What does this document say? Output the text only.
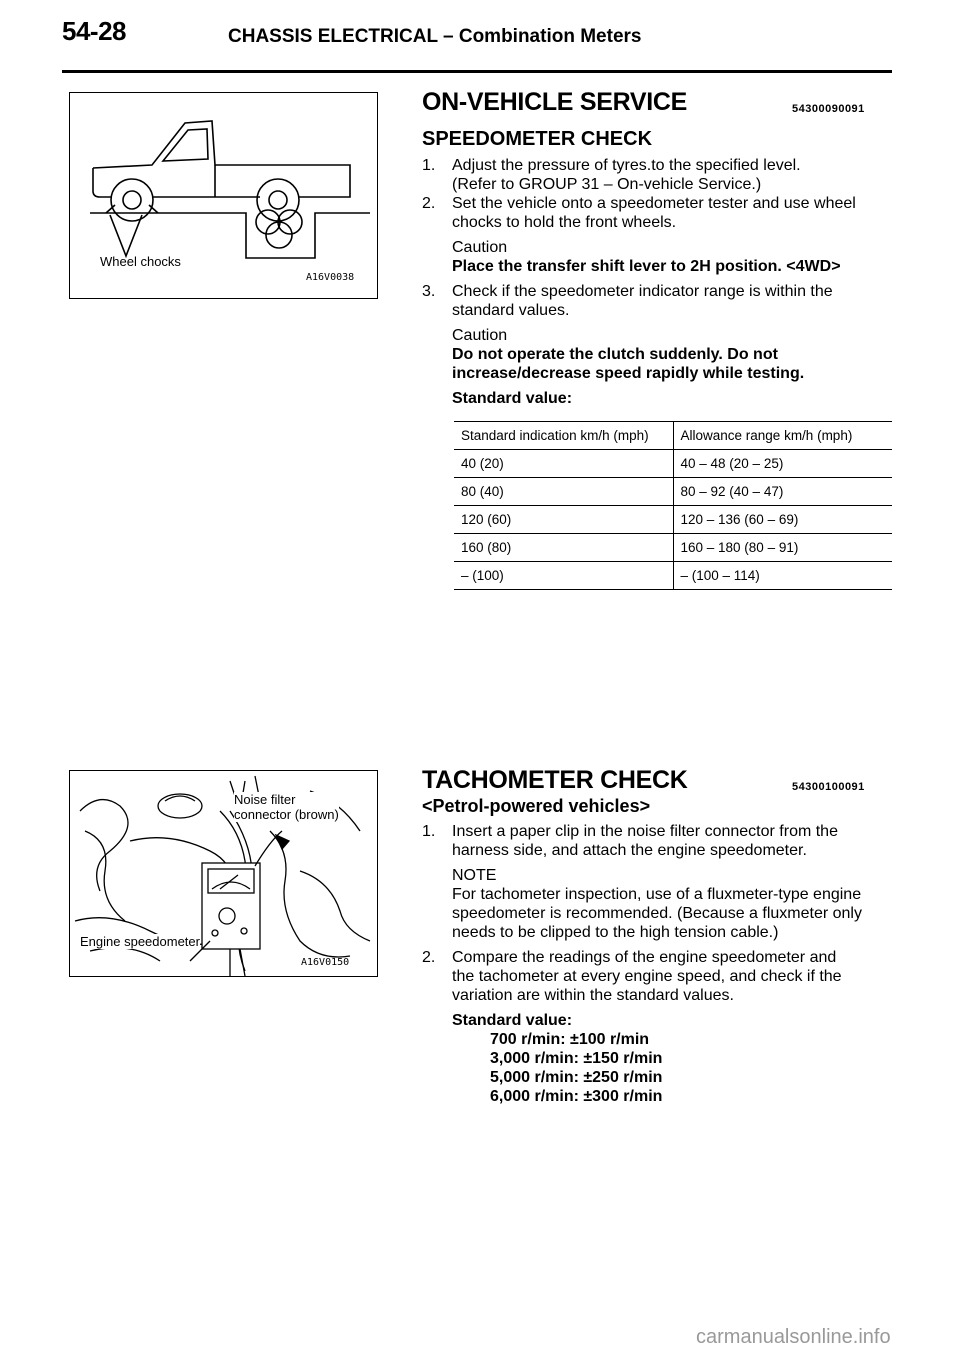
54-28	CHASSIS ELECTRICAL – Combination Meters
Wheel chocks
A16V0038
Noise filter
connector (brown)
Engine speedometer
A16V0150
ON-VEHICLE SERVICE	54300090091
SPEEDOMETER CHECK
1.	Adjust the pressure of tyres.to the specified level.
(Refer to GROUP 31 – On-vehicle Service.)
2.	Set the vehicle onto a speedometer tester and use wheel
chocks to hold the front wheels.
Caution
Place the transfer shift lever to 2H position. <4WD>
3.	Check if the speedometer indicator range is within the
standard values.
Caution
Do not operate the clutch suddenly. Do not
increase/decrease speed rapidly while testing.
Standard value:
Standard indication km/h (mph)	Allowance range km/h (mph)
40 (20)	40 – 48 (20 – 25)
80 (40)	80 – 92 (40 – 47)
120 (60)	120 – 136 (60 – 69)
160 (80)	160 – 180 (80 – 91)
– (100)	– (100 – 114)
TACHOMETER CHECK	54300100091
<Petrol-powered vehicles>
1.	Insert a paper clip in the noise filter connector from the
harness side, and attach the engine speedometer.
NOTE
For tachometer inspection, use of a fluxmeter-type engine
speedometer is recommended. (Because a fluxmeter only
needs to be clipped to the high tension cable.)
2.	Compare the readings of the engine speedometer and
the tachometer at every engine speed, and check if the
variation are within the standard values.
Standard value:
700 r/min: ±100 r/min
3,000 r/min: ±150 r/min
5,000 r/min: ±250 r/min
6,000 r/min: ±300 r/min
carmanualsonline.info
